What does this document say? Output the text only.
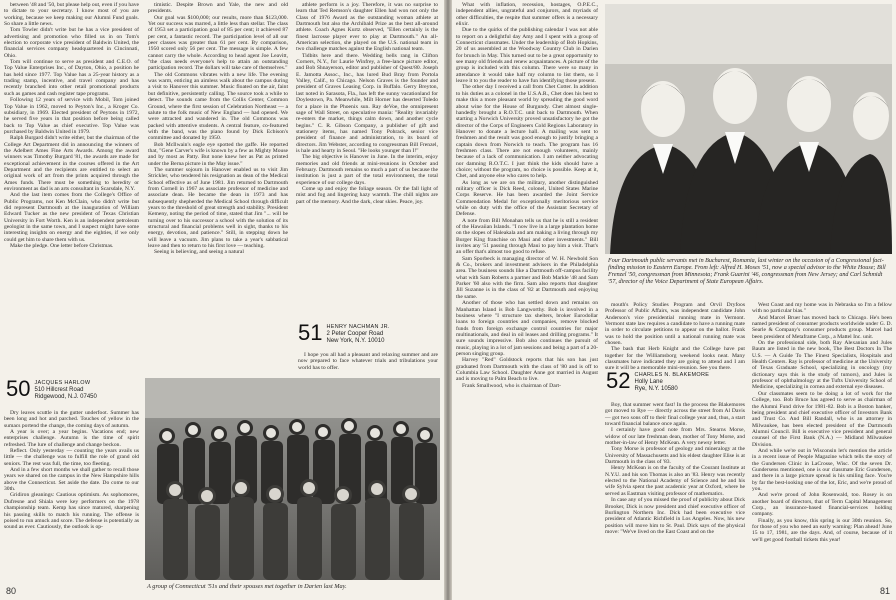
between '48 and '50, but please help out, even if you have to dictate to your secretary. I know most of you are working, because we keep making our Alumni Fund goals. So share a little news.

Tom Towler didn't write but he has a vice president of advertising and promotion who filled us in on Tom's election to corporate vice president of Baldwin United, the financial services company headquartered in Cincinnati, Ohio.

Tom will continue to serve as president and C.E.O. of Top Value Enterprises Inc., of Dayton, Ohio, a position he has held since 1977. Top Value has a 25-year history as a trading stamp, incentive, and travel company and has recently branched into other retail promotional products such as games and cash register tape programs.

Following 12 years of service with Mobil, Tom joined Top Value in 1962, moved to Peyton's Inc., a Kroger Co. subsidiary, in 1969. Elected president of Peytons in 1972, he served five years in that position before being called back to Top Value as chief executive. Top Value was purchased by Baldwin United in 1979.

Ralph Burgard didn't write either, but the chairman of the College Art Department did in announcing the winners of the Adelbert Ames Fine Arts Awards. Among the award winners was Timothy Burgard '81, the awards are made for exceptional achievement in the courses offered in the Art Department and the recipients are entitled to select an original work of art from the prints acquired through the Ames funds. There must be something to heredity or environment as dad is an arts consultant in Scarsdale, N.Y.

And the last item comes from the College's Office of Public Programs, not Ken McClain, who didn't write but did represent Dartmouth at the inauguration of William Edward Tucker as the new president of Texas Christian University in Fort Worth. Ken is an independent petroleum geologist in the same town, and I suspect might have some interesting insights on energy and the eighties, if we only could get him to share them with us.

Make the pledge. One letter before Christmas.

timistic. Despite Brown and Yale, the new and old presidents.

Our goal was $100,000; our results, more than $123,000. Yet our success was marred, a little less than stellar. The class of 1953 set a participation goal of 85 per cent; it achieved 87 per cent, a fantastic record. The participation level of all our peer classes was greater than 61 per cent. By comparison, 1950 scored only 56 per cent. The message is simple. A few cannot carry the whole. According to head agent Joe Leavitt, "the class needs everyone's help to attain an outstanding participation record. The dollars will take care of themselves."

The old Commons vibrates with a new life. The evening was warm, enticing an aimless walk about the campus during a visit to Hanover this summer. Music floated on the air, faint but definitive, persistently calling. The source took a while to detect. The sounds came from the Collis Center, Common Ground, where the first session of Celebration Northeast — a salute to the folk music of New England — had opened. We were attracted and wandered in. The old Commons was packed with attentive students. A central feature, co-featured with the band, was the piano found by Dick Ecbison's committee and donated by 1950.

Bob McIlwain's eagle eye spotted the gaffe. He reported that, "Gene Carver's wife is known by a few as Mighty Mouse and by most as Patty. But none knew her as Pat as printed under the Berna picture in the May issue."

The summer sojourn in Hanover enabled us to visit Jim Strickler, who tendered his resignation as dean of the Medical School effective as of June 1981. Jim returned to Dartmouth from Cornell in 1967 as associate professor of medicine and associate dean. He became the dean in 1973 and has subsequently shepherded the Medical School through difficult years to the threshold of great strength and stability. President Kemeny, noting the period of time, stated that Jim "... will be turning over to his successor a school with the solution of its structural and financial problems well in sight, thanks to his energy, devotion, and patience." Still, in stepping down he will leave a vacuum. Jim plans to take a year's sabbatical leave and then to return to his first love — teaching.

Seeing is believing, and seeing a natural

athlete perform is a joy. Therefore, it was no surprise to learn that Ted Remson's daughter Ellen had won not only the Class of 1976 Award as the outstanding woman athlete at Dartmouth but also the Archibald Prize as the best all-around athlete. Coach Agnes Kurtz observed, "Ellen certainly is the finest lacrosse player ever to play at Dartmouth." An all-American selection, she played on the U.S. national team in two challenge matches against the English national team.

Tidbits here and there. Wedding bells rang in Clifton Corners, N.Y., for Laurie Winfrey, a free-lance picture editor, and Bob Shnayerson, editor and publisher of Quest/80. Joseph E. Jamotta Assoc., Inc., has lured Bud Bray from Portola Valley, Calif., to Chicago. Nelson Graves is the founder and president of Graves Leasing Corp. in Buffalo. Gerry Breyton, last noted in Sarasota, Fla., has left the sunny vacationland for Doylestown, Pa. Meanwhile, Milt Horner has deserted Toledo for a place in the Phoenix sun. Ray deVoe, the omnipresent sage of Wall Street, on speculative mania: "Reality invariably re-enters the market, things calm down, and another cycle begins." C. R. Gibson Company, a publisher of gift and stationery items, has named Tony Pohrack, senior vice president of finance and administration, to its board of directors. Jim Webster, according to congressman Bill Frenzel, is hale and hearty in Seoul. "He looks younger than I!"

The big objective is Hanover in June. In the interim, enjoy memories and old friends at mini-reunions in October and February. Dartmouth remains so much a part of us because the institution is just a part of the total environment, the total experience of our college days.

Come up and enjoy the foliage season. Or the fall light of mist and fog and lingering hazy warmth. The chill nights are part of the memory. And the dark, clear skies. Peace, joy.

51 HENRY NACHMAN JR.
2 Peter Cooper Road
New York, N.Y. 10010

I hope you all had a pleasant and relaxing summer and are now prepared to face whatever trials and tribulations your world has to offer.

50 JACQUES HARLOW
510 Hillcrest Road
Ridgewood, N.J. 07450

Dry leaves scuttle in the gutter underfoot. Summer has been long and hot and parched. Touches of yellow in the sumacs portend the change, the coming days of autumn.

A year is over; a year begins. Vacations end; new enterprises challenge. Autumn is the time of spirit refreshed. The lure of challenge and change beckon.

Reflect. Only yesterday — counting the years avails us little — the challenge was to fulfill the role of grand old seniors. The rest was full, the time, too fleeting.

And in a few short months we shall gather to recall those years we shared on the campus in the New Hampshire hills above the Connecticut. Set aside the date. Do come to our 30th.

Gridiron gleanings: Cautious optimism. As sophomores, Dufresne and Shiala were key performers on the 1978 championship team. Kemp has since matured, sharpening his passing skills to match his running. The offense is poised to run amuck and score. The defense is potentially as sound as ever. Cautiously, the outlook is op-

A group of Connecticut '51s and their spouses met together in Darien last May.
80

What with inflation, recession, hostages, O.P.E.C., independent allies, ungrateful and conjurors, and myriads of other difficulties, the respite that summer offers is a necessary elixir.

Due to the quirks of the publishing calendar I was not able to report on a delightful day Amy and I spent with a group of Connecticut classmates. Under the leadership of Bob Hopkins, 20 of us assembled at the Woodway Country Club in Darien for brunch in May. This turned out to be a great opportunity to see many old friends and renew acquaintances. A picture of the group is included with this column. There were so many in attendance it would take half my column to list them, so I leave it to you the reader to have fun identifying those present.

The other day I received a call from Chet Cotter. In addition to his duties as a colonel in the U.S.A.R., Chet does his best to make this a more pleasant world by spreading the good word about wine for the House of Burgundy. Chet almost single-handedly brought a R.O.T.C. unit back to Dartmouth. When starting a Norwich University proved unsatisfactory he got the director of the Corps of Engineers Cold Regions Laboratory in Hanover to donate a lecture hall. A mailing was sent to freshmen and the result was good enough to justify bringing a captain down from Norwich to teach. The program has 16 freshmen class. There are not enough volunteers, mainly because of a lack of communication. I am neither advocating nor damning R.O.T.C. I just think the kids should have a choice; without the program, no choice is possible. Keep at it, Chet, and anyone else who cares to help.

As long as we are on the military, another distinguished military officer is Dick Reed, colonel, United States Marine Corps Reserve. He has been awarded the Joint Service Commendation Medal for exceptionally meritorious service while on duty with the office of the Assistant Secretary of Defense.

A note from Bill Monahan tells us that he is still a resident of the Hawaiian Islands. "I now live in a large plantation home on the slopes of Haleakala and am making a living through my Burger King franchise on Maui and other investments." Bill invites any '51 passing through Maui to pay him a visit. That's an offer that's almost too good to refuse.

Sam Sporbeck is managing director of W. H. Newbold Son & Co., brokers and investment advisers in the Philadelphia area. The business sounds like a Dartmouth off-campus facility what with Sam Roberts a partner and Bob Markle '48 and Sam Parker '60 also with the firm. Sam also reports that daughter Jill Suzanne is in the class of '82 at Dartmouth and enjoying the same.

Another of those who has settled down and remains on Manhattan Island is Bob Langworthy. Bob is involved in a business where "I structure tax shelters, broker Eurodollar loans to foreign countries and companies, remove blocked funds from foreign exchange control countries for major multinationals, and deal in oil leases and drilling programs." It sure sounds impressive. Bob also continues the pursuit of music, playing in a lot of jam sessions and being a part of a 20-person singing group.

Harvey "Red" Goldstock reports that his son has just graduated from Dartmouth with the class of '80 and is off to Columbia Law School. Daughter Anne got married in August and is moving to Palm Beach to live.

Frank Smallwood, who is chairman of Dart-

Four Dartmouth public servants met in Bucharest, Romania, last winter on the occasion of a Congressional fact-finding mission to Eastern Europe. From left: Alfred H. Moses '51, now a special advisor to the White House; Bill Frenzel '50, congressman from Minnesota; Frank Guarini '46, congressman from New Jersey; and Carl Schmidt '57, director of the Voice Department of State European Affairs.

mouth's Policy Studies Program and Orvil Dryfoos Professor of Public Affairs, was independent candidate John Anderson's vice presidential running mate in Vermont. Vermont state law requires a candidate to have a running mate in order to circulate petitions to appear on the ballot. Frank was to hold the position until a national running mate was chosen.

The bash that Herb Knight and the College have put together for the Williamsborg weekend looks neat. Many classmates have indicated they are going to attend and I am sure it will be a memorable mini-reunion. See you there.

52 CHARLES N. BLAKEMORE
Holly Lane
Rye, N.Y. 10580

Boy, that summer went fast! In the process the Blakemores got moved to Rye — directly across the street from Al Davis — got two sons off to their final college year and, thus, a start toward financial balance once again.

I certainly have good note from Mrs. Stearns Morse, widow of our late freshman dean, mother of Tony Morse, and mother-in-law of Henry McKean. A very newsy letter.

Tony Morse is professor of geology and mineralogy at the University of Massachusetts and his eldest daughter Elise is at Dartmouth in the class of '83.

Henry McKean is on the faculty of the Courant Institute at N.Y.U. and his son Thomas is also an '83. Henry was recently elected to the National Academy of Science and he and his wife Sylvia spent the past academic year at Oxford, where he served as Eastman visiting professor of mathematics.

In case any of you missed the proof of publicity about Dick Brooker, Dick is now president and chief executive officer of Burlington Northern Inc. Dick had been executive vice president of Atlantic Richfield in Los Angeles. Now, his new position will move him to St. Paul. Dick says of the physical move: "We've lived on the East Coast and on the

West Coast and my home was in Nebraska so I'm a fellow with no particular bias."

And Marcel Bruer has moved back to Chicago. He's been named president of consumer products worldwide under G. D. Searle & Company's consumer products group. Marcel had been president of Metaframe Corp., a Mattel Inc. unit.

On the professional side, both Ray Alexanian and Jules Baum are listed in the new book, The Best Doctors In The U.S. — A Guide To The Finest Specialists, Hospitals and Health Centers. Ray is professor of medicine at the University of Texas Graduate School, specializing in oncology (my dictionary says this is the study of tumors), and Jules is professor of ophthalmology at the Tufts University School of Medicine, specializing in cornea and external eye diseases.

Our classmates seem to be doing a lot of work for the College, too. Bob Bruce has agreed to serve as chairman of the Alumni Fund drive for 1981-82. Bob is a Boston banker, being president and chief executive officer of Investors Bank and Trust Co. And Bill Randall, who is an attorney in Milwaukee, has been elected president of the Dartmouth Alumni Council. Bill is executive vice president and general counsel of the First Bank (N.A.) — Midland Milwaukee Division.

And while we're out in Wisconsin let's mention the article in a recent issue of People Magazine which tells the story of the Gundersen Clinic in LaCrosse, Wisc. Of the seven Dr. Gundersens mentioned, one is our classmate Eric Gundersen, and there in a large picture spread is his smiling face. You're by far the best-looking one of the lot, Eric, and we're proud of you.

And we're proud of John Rosenwald, too. Rosey is on another board of directors, that of Term Capital Management Corp., an insurance-based financial-services holding company.

Finally, as you know, this spring is our 30th reunion. So, for those of you who need an early warning: Plan ahead! June 15 to 17, 1981, are the days. And, of course, because of it we'll get good football tickets this year!

81
